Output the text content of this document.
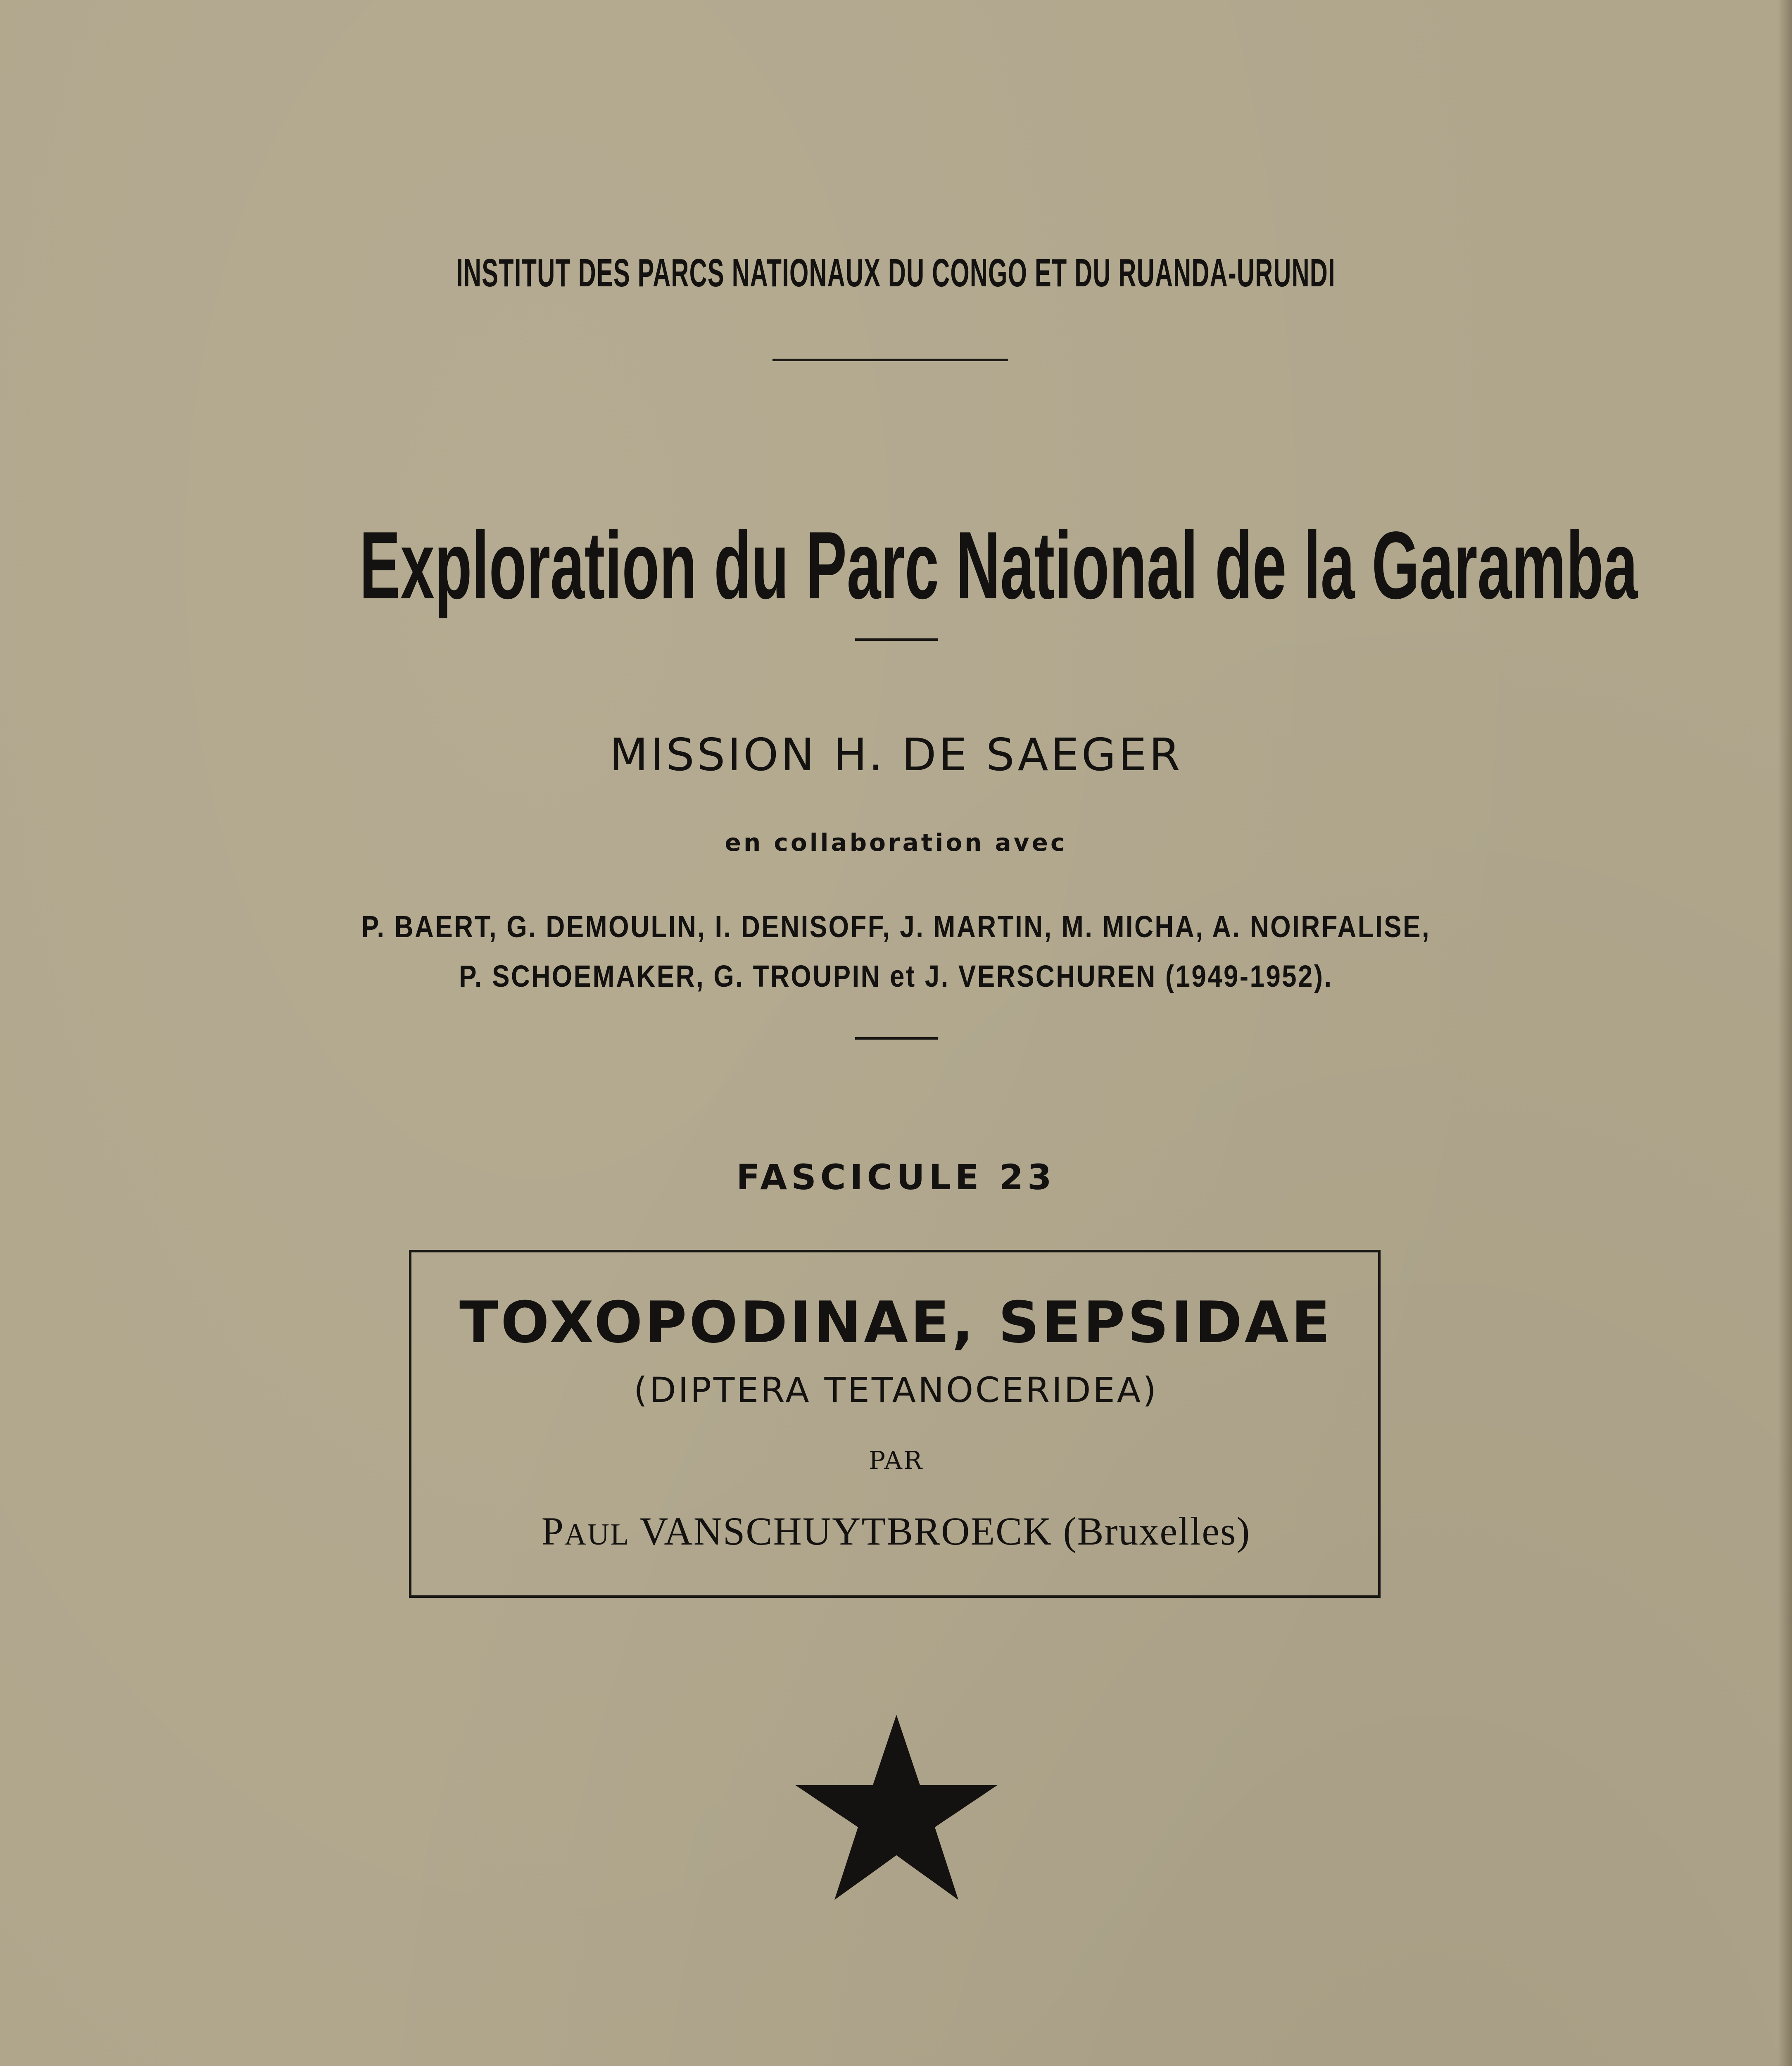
INSTITUT DES PARCS NATIONAUX DU CONGO ET DU RUANDA-URUNDI
Exploration du Parc National de la Garamba
MISSION H. DE SAEGER
en collaboration avec
P. BAERT, G. DEMOULIN, I. DENISOFF, J. MARTIN, M. MICHA, A. NOIRFALISE,
P. SCHOEMAKER, G. TROUPIN et J. VERSCHUREN (1949-1952).
FASCICULE 23
TOXOPODINAE, SEPSIDAE
(DIPTERA TETANOCERIDEA)
PAR
PAUL VANSCHUYTBROECK (Bruxelles)
